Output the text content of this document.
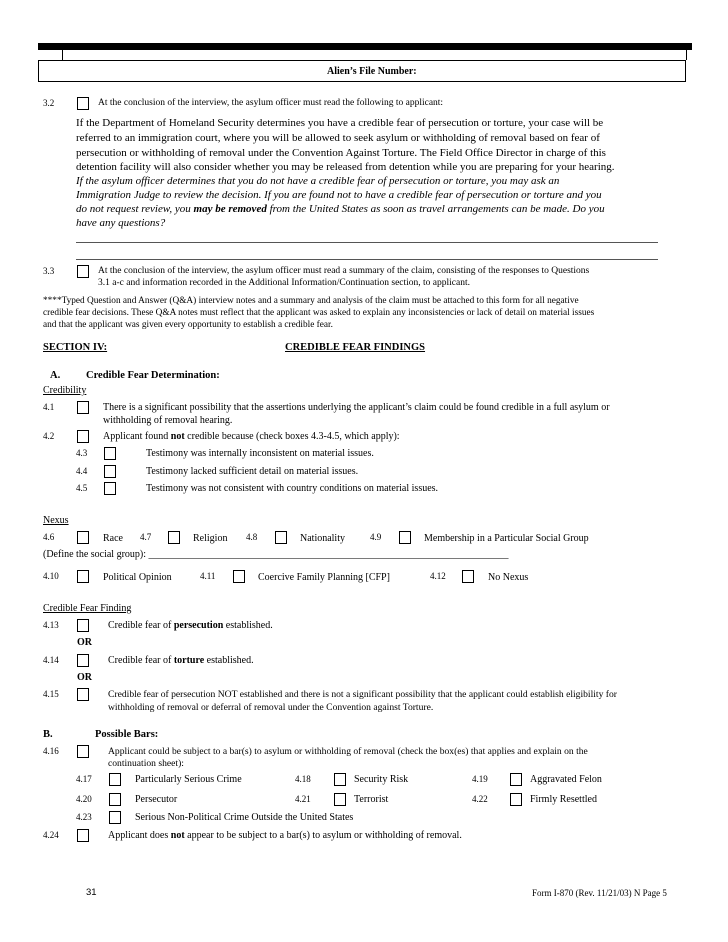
Alien’s File Number:
3.2	At the conclusion of the interview, the asylum officer must read the following to applicant:
If the Department of Homeland Security determines you have a credible fear of persecution or torture, your case will be
referred to an immigration court, where you will be allowed to seek asylum or withholding of removal based on fear of
persecution or withholding of removal under the Convention Against Torture. The Field Office Director in charge of this
detention facility will also consider whether you may be released from detention while you are preparing for your hearing.
If the asylum officer determines that you do not have a credible fear of persecution or torture, you may ask an
Immigration Judge to review the decision. If you are found not to have a credible fear of persecution or torture and you
do not request review, you may be removed from the United States as soon as travel arrangements can be made. Do you
have any questions?
3.3	At the conclusion of the interview, the asylum officer must read a summary of the claim, consisting of the responses to Questions
3.1 a-c and information recorded in the Additional Information/Continuation section, to applicant.
****Typed Question and Answer (Q&A) interview notes and a summary and analysis of the claim must be attached to this form for all negative
credible fear decisions. These Q&A notes must reflect that the applicant was asked to explain any inconsistencies or lack of detail on material issues
and that the applicant was given every opportunity to establish a credible fear.
SECTION IV:	CREDIBLE FEAR FINDINGS
A. Credible Fear Determination:
Credibility
4.1	There is a significant possibility that the assertions underlying the applicant’s claim could be found credible in a full asylum or
withholding of removal hearing.
4.2	Applicant found not credible because (check boxes 4.3-4.5, which apply):
4.3	Testimony was internally inconsistent on material issues.
4.4	Testimony lacked sufficient detail on material issues.
4.5	Testimony was not consistent with country conditions on material issues.
Nexus
4.6	Race 4.7	Religion 4.8	Nationality	4.9	Membership in a Particular Social Group
(Define the social group): ________________________________________________________________________
4.10	Political Opinion	4.11	Coercive Family Planning [CFP]	4.12	No Nexus
Credible Fear Finding
4.13	Credible fear of persecution established.
OR
4.14	Credible fear of torture established.
OR
4.15	Credible fear of persecution NOT established and there is not a significant possibility that the applicant could establish eligibility for
withholding of removal or deferral of removal under the Convention against Torture.
B.	Possible Bars:
4.16	Applicant could be subject to a bar(s) to asylum or withholding of removal (check the box(es) that applies and explain on the
continuation sheet):
4.17	Particularly Serious Crime	4.18	Security Risk	4.19	Aggravated Felon
4.20	Persecutor	4.21	Terrorist	4.22	Firmly Resettled
4.23	Serious Non-Political Crime Outside the United States
4.24	Applicant does not appear to be subject to a bar(s) to asylum or withholding of removal.
31	Form I-870 (Rev. 11/21/03) N Page 5
